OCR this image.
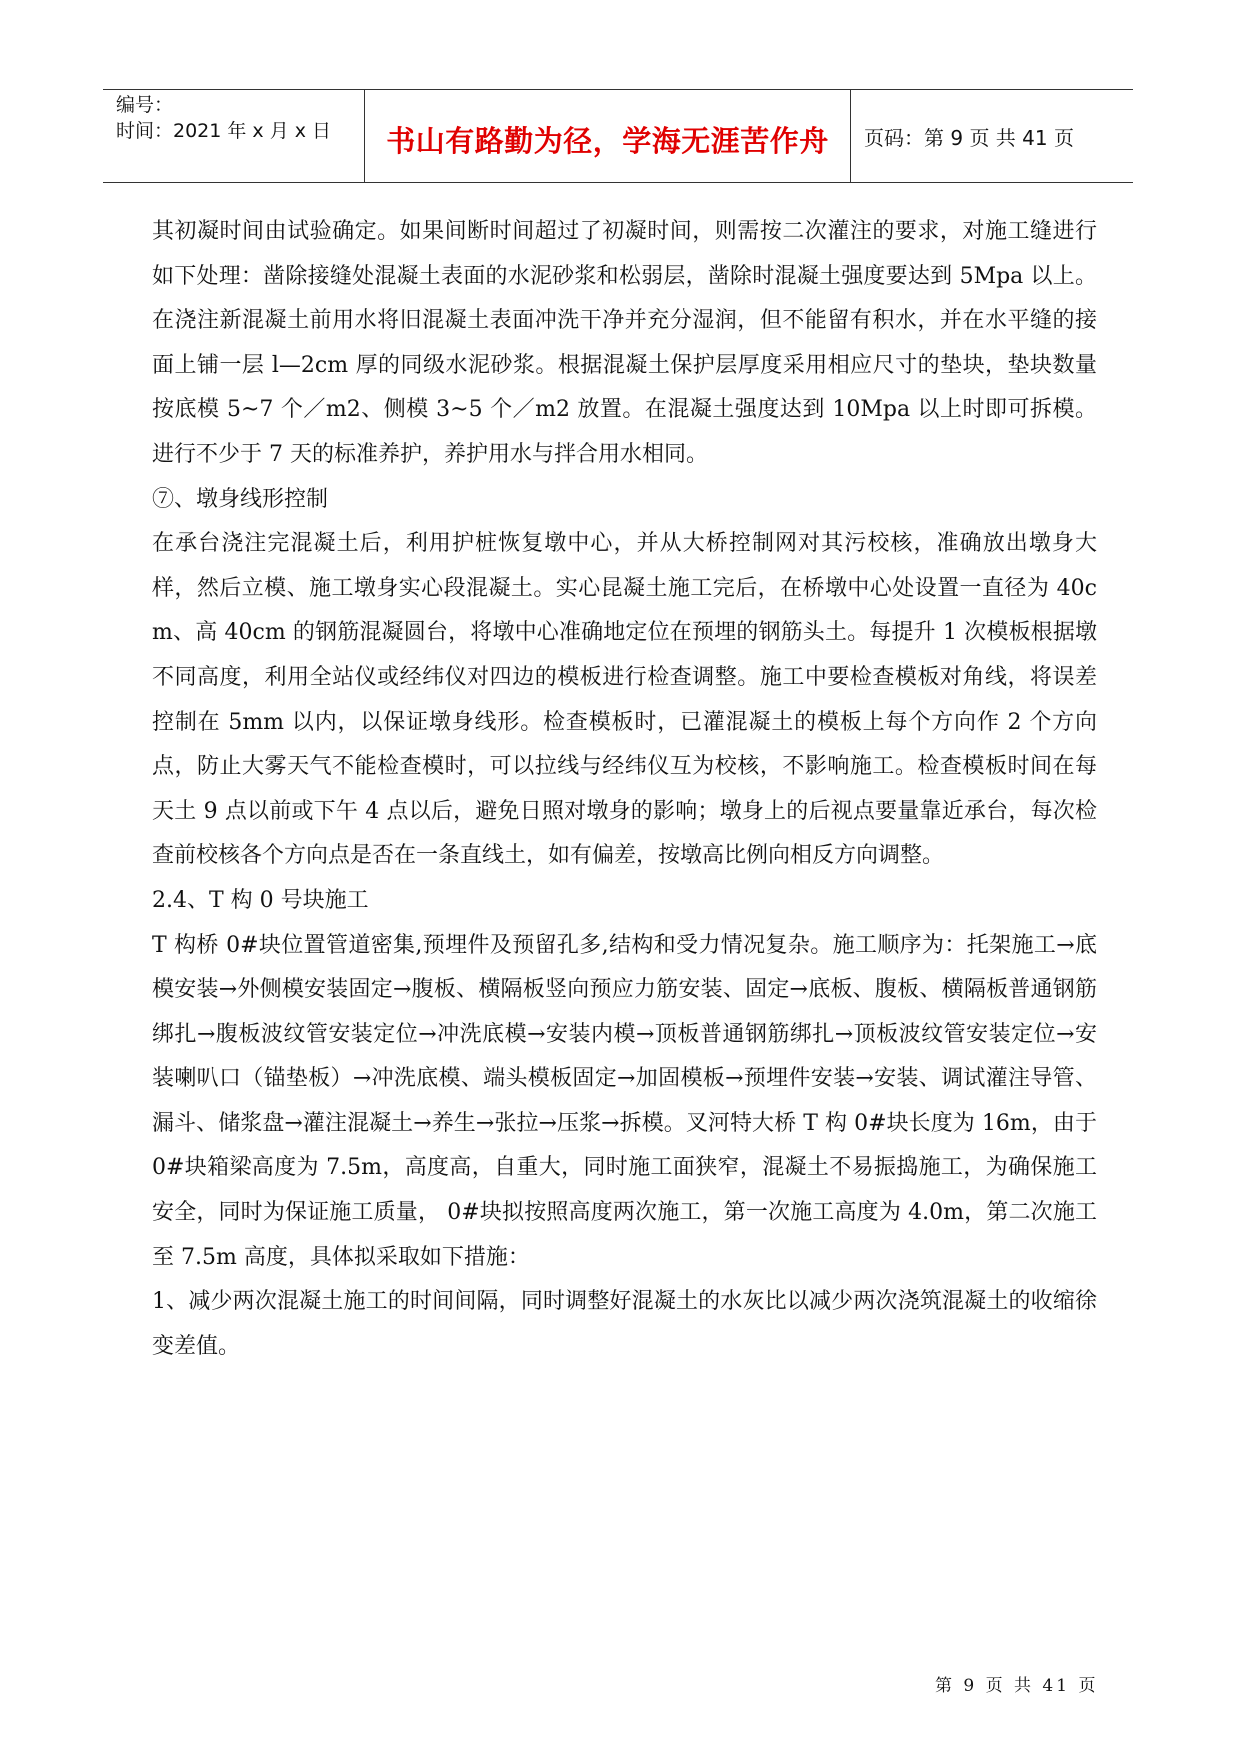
编号：
时间：2021 年 x 月 x 日	书山有路勤为径，学海无涯苦作舟 页码：第 9 页 共 41 页

其初凝时间由试验确定。如果间断时间超过了初凝时间，则需按二次灌注的要求，对施工缝进行如下处理：凿除接缝处混凝土表面的水泥砂浆和松弱层，凿除时混凝土强度要达到 5Mpa 以上。在浇注新混凝土前用水将旧混凝土表面冲洗干净并充分湿润，但不能留有积水，并在水平缝的接面上铺一层 l—2cm 厚的同级水泥砂浆。根据混凝土保护层厚度采用相应尺寸的垫块，垫块数量按底模 5~7 个／m2、侧模 3~5 个／m2 放置。在混凝土强度达到 10Mpa 以上时即可拆模。进行不少于 7 天的标准养护，养护用水与拌合用水相同。

⑦、墩身线形控制

在承台浇注完混凝土后，利用护桩恢复墩中心，并从大桥控制网对其污校核，准确放出墩身大样，然后立模、施工墩身实心段混凝土。实心昆凝土施工完后，在桥墩中心处设置一直径为 40cm、高 40cm 的钢筋混凝圆台，将墩中心准确地定位在预埋的钢筋头土。每提升 1 次模板根据墩不同高度，利用全站仪或经纬仪对四边的模板进行检查调整。施工中要检查模板对角线，将误差控制在 5mm 以内，以保证墩身线形。检查模板时，已灌混凝土的模板上每个方向作 2 个方向点，防止大雾天气不能检查模时，可以拉线与经纬仪互为校核，不影响施工。检查模板时间在每天土 9 点以前或下午 4 点以后，避免日照对墩身的影响；墩身上的后视点要量靠近承台，每次检查前校核各个方向点是否在一条直线土，如有偏差，按墩高比例向相反方向调整。

2.4、T 构 0 号块施工

T 构桥 0#块位置管道密集,预埋件及预留孔多,结构和受力情况复杂。施工顺序为：托架施工→底模安装→外侧模安装固定→腹板、横隔板竖向预应力筋安装、固定→底板、腹板、横隔板普通钢筋绑扎→腹板波纹管安装定位→冲洗底模→安装内模→顶板普通钢筋绑扎→顶板波纹管安装定位→安装喇叭口（锚垫板）→冲洗底模、端头模板固定→加固模板→预埋件安装→安装、调试灌注导管、漏斗、储浆盘→灌注混凝土→养生→张拉→压浆→拆模。叉河特大桥 T 构 0#块长度为 16m，由于 0#块箱梁高度为 7.5m，高度高，自重大，同时施工面狭窄，混凝土不易振捣施工，为确保施工安全，同时为保证施工质量， 0#块拟按照高度两次施工，第一次施工高度为 4.0m，第二次施工至 7.5m 高度，具体拟采取如下措施：

1、减少两次混凝土施工的时间间隔，同时调整好混凝土的水灰比以减少两次浇筑混凝土的收缩徐变差值。

第 9 页 共 41 页
